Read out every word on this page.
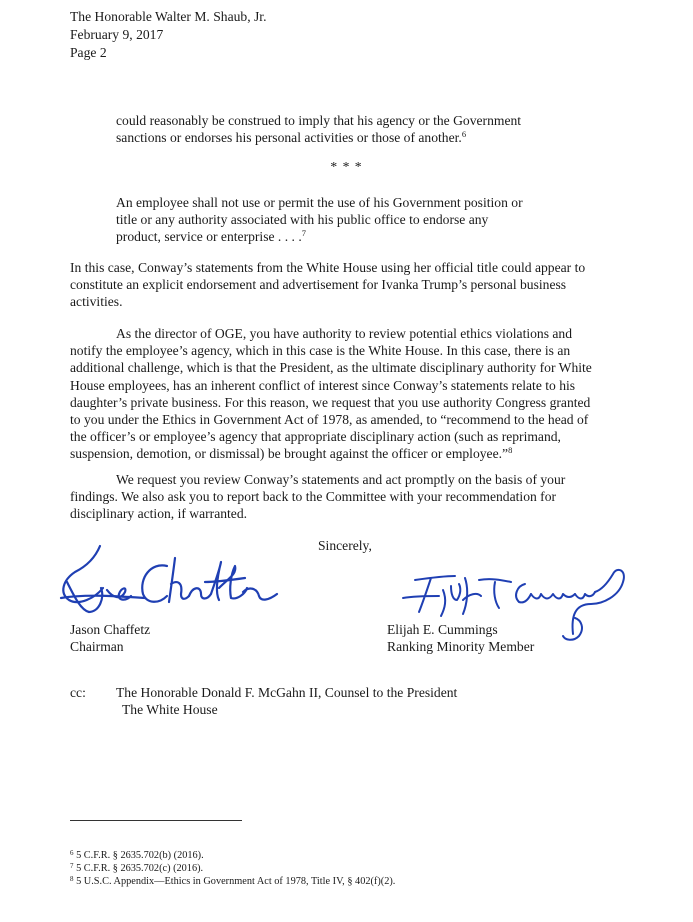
The Honorable Walter M. Shaub, Jr.
February 9, 2017
Page 2
could reasonably be construed to imply that his agency or the Government
sanctions or endorses his personal activities or those of another.$^6$
* * *
An employee shall not use or permit the use of his Government position or
title or any authority associated with his public office to endorse any
product, service or enterprise . . . .$^7$
In this case, Conway’s statements from the White House using her official title could appear to
constitute an explicit endorsement and advertisement for Ivanka Trump’s personal business
activities.
As the director of OGE, you have authority to review potential ethics violations and
notify the employee’s agency, which in this case is the White House. In this case, there is an
additional challenge, which is that the President, as the ultimate disciplinary authority for White
House employees, has an inherent conflict of interest since Conway’s statements relate to his
daughter’s private business. For this reason, we request that you use authority Congress granted
to you under the Ethics in Government Act of 1978, as amended, to “recommend to the head of
the officer’s or employee’s agency that appropriate disciplinary action (such as reprimand,
suspension, demotion, or dismissal) be brought against the officer or employee.”$^8$
We request you review Conway’s statements and act promptly on the basis of your
findings. We also ask you to report back to the Committee with your recommendation for
disciplinary action, if warranted.
Sincerely,
Jason Chaffetz
Chairman
Elijah E. Cummings
Ranking Minority Member
cc: The Honorable Donald F. McGahn II, Counsel to the President
The White House
$^6$ 5 C.F.R. § 2635.702(b) (2016).
$^7$ 5 C.F.R. § 2635.702(c) (2016).
$^8$ 5 U.S.C. Appendix—Ethics in Government Act of 1978, Title IV, § 402(f)(2).
